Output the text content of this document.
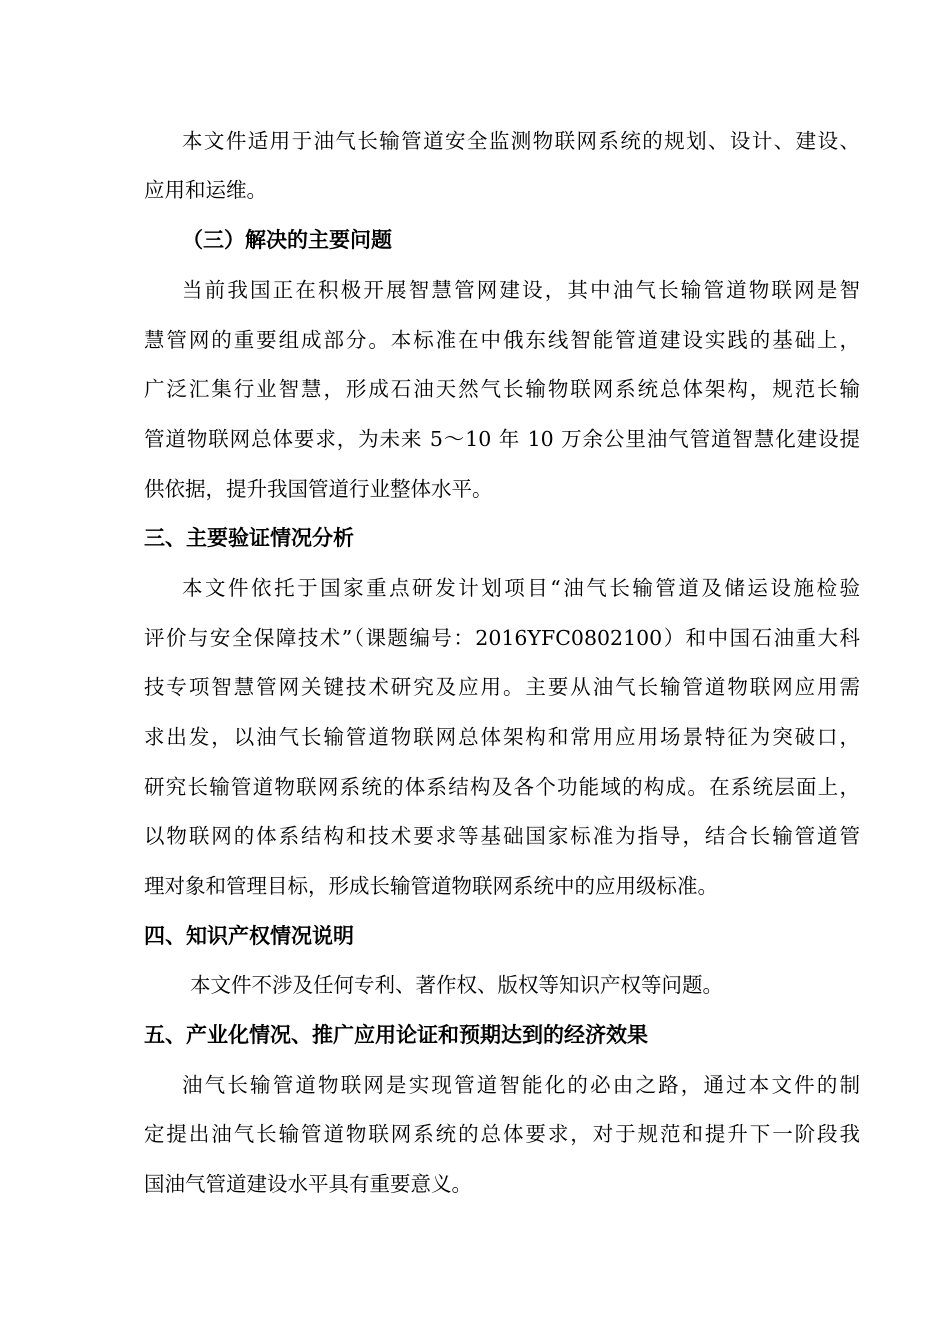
本文件适用于油气长输管道安全监测物联网系统的规划、设计、建设、
应用和运维。
（三）解决的主要问题
当前我国正在积极开展智慧管网建设，其中油气长输管道物联网是智
慧管网的重要组成部分。本标准在中俄东线智能管道建设实践的基础上，
广泛汇集行业智慧，形成石油天然气长输物联网系统总体架构，规范长输
管道物联网总体要求，为未来 5～10 年 10 万余公里油气管道智慧化建设提
供依据，提升我国管道行业整体水平。
三、主要验证情况分析
本文件依托于国家重点研发计划项目“油气长输管道及储运设施检验
评价与安全保障技术”（课题编号：2016YFC0802100）和中国石油重大科
技专项智慧管网关键技术研究及应用。主要从油气长输管道物联网应用需
求出发，以油气长输管道物联网总体架构和常用应用场景特征为突破口，
研究长输管道物联网系统的体系结构及各个功能域的构成。在系统层面上，
以物联网的体系结构和技术要求等基础国家标准为指导，结合长输管道管
理对象和管理目标，形成长输管道物联网系统中的应用级标准。
四、知识产权情况说明
本文件不涉及任何专利、著作权、版权等知识产权等问题。
五、产业化情况、推广应用论证和预期达到的经济效果
油气长输管道物联网是实现管道智能化的必由之路，通过本文件的制
定提出油气长输管道物联网系统的总体要求，对于规范和提升下一阶段我
国油气管道建设水平具有重要意义。
